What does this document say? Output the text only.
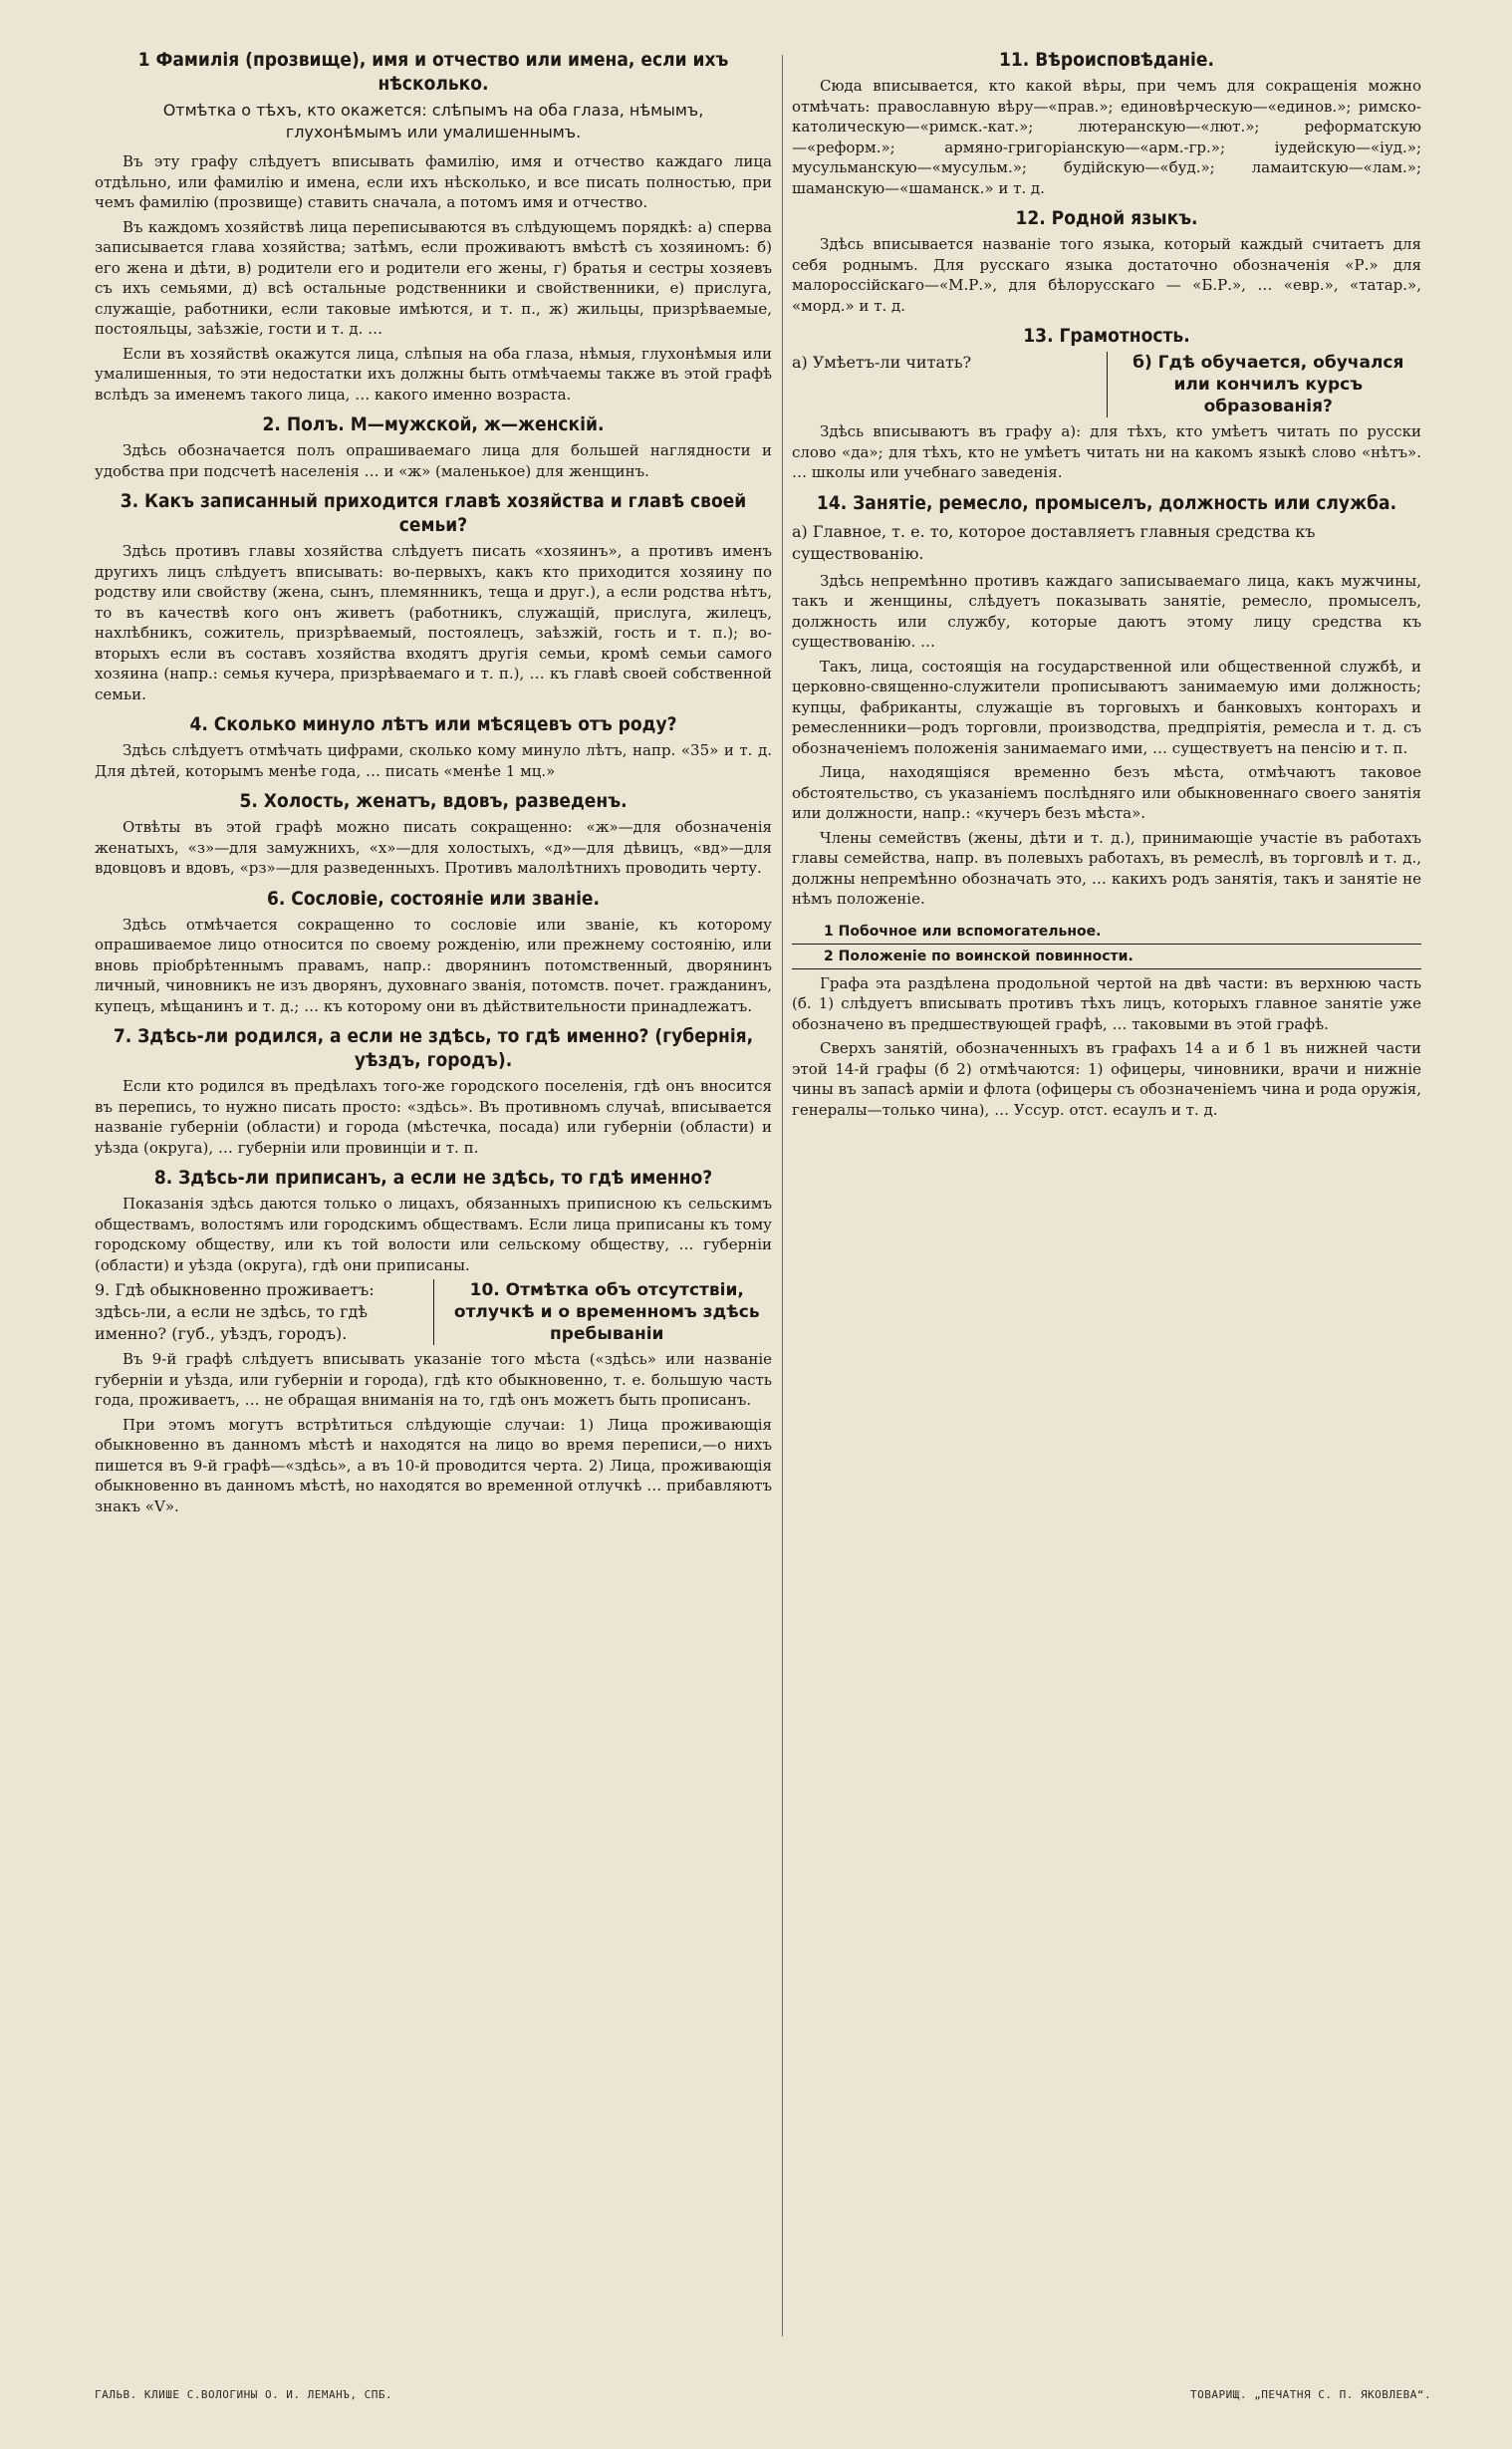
1 Фамилія (прозвище), имя и отчество или имена, если ихъ нѣсколько.
Отмѣтка о тѣхъ, кто окажется: слѣпымъ на оба глаза, нѣмымъ, глухонѣмымъ или умалишеннымъ.

Въ эту графу слѣдуетъ вписывать фамилію, имя и отчество каждаго лица отдѣльно, или фамилію и имена, если ихъ нѣсколько, и все писать полностью, при чемъ фамилію (прозвище) ставить сначала, а потомъ имя и отчество.

Въ каждомъ хозяйствѣ лица переписываются въ слѣдующемъ порядкѣ: а) сперва записывается глава хозяйства; затѣмъ, если проживаютъ вмѣстѣ съ хозяиномъ: б) его жена и дѣти, в) родители его и родители его жены, г) братья и сестры хозяевъ съ ихъ семьями, д) всѣ остальные родственники и свойственники, е) прислуга, служащіе, работники, если таковые имѣются, и т. п., ж) жильцы, призрѣваемые, постояльцы, заѣзжіе, гости и т. д. …

Если въ хозяйствѣ окажутся лица, слѣпыя на оба глаза, нѣмыя, глухонѣмыя или умалишенныя, то эти недостатки ихъ должны быть отмѣчаемы также въ этой графѣ вслѣдъ за именемъ такого лица, … какого именно возраста.

2. Полъ. М—мужской, ж—женскій.

Здѣсь обозначается полъ опрашиваемаго лица для большей наглядности и удобства при подсчетѣ населенія … и «ж» (маленькое) для женщинъ.

3. Какъ записанный приходится главѣ хозяйства и главѣ своей семьи?

Здѣсь противъ главы хозяйства слѣдуетъ писать «хозяинъ», а противъ именъ другихъ лицъ слѣдуетъ вписывать: во-первыхъ, какъ кто приходится хозяину по родству или свойству (жена, сынъ, племянникъ, теща и друг.), а если родства нѣтъ, то въ качествѣ кого онъ живетъ (работникъ, служащій, прислуга, жилецъ, нахлѣбникъ, сожитель, призрѣваемый, постоялецъ, заѣзжій, гость и т. п.); во-вторыхъ если въ составъ хозяйства входятъ другія семьи, кромѣ семьи самого хозяина (напр.: семья кучера, призрѣваемаго и т. п.), … къ главѣ своей собственной семьи.

4. Сколько минуло лѣтъ или мѣсяцевъ отъ роду?

Здѣсь слѣдуетъ отмѣчать цифрами, сколько кому минуло лѣтъ, напр. «35» и т. д. Для дѣтей, которымъ менѣе года, … писать «менѣе 1 мц.»

5. Холость, женатъ, вдовъ, разведенъ.

Отвѣты въ этой графѣ можно писать сокращенно: «ж»—для обозначенія женатыхъ, «з»—для замужнихъ, «х»—для холостыхъ, «д»—для дѣвицъ, «вд»—для вдовцовъ и вдовъ, «рз»—для разведенныхъ. Противъ малолѣтнихъ проводить черту.

6. Сословіе, состояніе или званіе.

Здѣсь отмѣчается сокращенно то сословіе или званіе, къ которому опрашиваемое лицо относится по своему рожденію, или прежнему состоянію, или вновь пріобрѣтеннымъ правамъ, напр.: дворянинъ потомственный, дворянинъ личный, чиновникъ не изъ дворянъ, духовнаго званія, потомств. почет. гражданинъ, купецъ, мѣщанинъ и т. д.; … къ которому они въ дѣйствительности принадлежатъ.

7. Здѣсь-ли родился, а если не здѣсь, то гдѣ именно? (губернія, уѣздъ, городъ).

Если кто родился въ предѣлахъ того-же городского поселенія, гдѣ онъ вносится въ перепись, то нужно писать просто: «здѣсь». Въ противномъ случаѣ, вписывается названіе губерніи (области) и города (мѣстечка, посада) или губерніи (области) и уѣзда (округа), … губерніи или провинціи и т. п.

8. Здѣсь-ли приписанъ, а если не здѣсь, то гдѣ именно?

Показанія здѣсь даются только о лицахъ, обязанныхъ приписною къ сельскимъ обществамъ, волостямъ или городскимъ обществамъ. Если лица приписаны къ тому городскому обществу, или къ той волости или сельскому обществу, … губерніи (области) и уѣзда (округа), гдѣ они приписаны.

9. Гдѣ обыкновенно проживаетъ: здѣсь-ли, а если не здѣсь, то гдѣ именно? (губ., уѣздъ, городъ).
10. Отмѣтка объ отсутствіи, отлучкѣ и о временномъ здѣсь пребываніи

Въ 9-й графѣ слѣдуетъ вписывать указаніе того мѣста («здѣсь» или названіе губерніи и уѣзда, или губерніи и города), гдѣ кто обыкновенно, т. е. большую часть года, проживаетъ, … не обращая вниманія на то, гдѣ онъ можетъ быть прописанъ.

При этомъ могутъ встрѣтиться слѣдующіе случаи: 1) Лица проживающія обыкновенно въ данномъ мѣстѣ и находятся на лицо во время переписи,—о нихъ пишется въ 9-й графѣ—«здѣсь», а въ 10-й проводится черта. 2) Лица, проживающія обыкновенно въ данномъ мѣстѣ, но находятся во временной отлучкѣ … прибавляютъ знакъ «V».

11. Вѣроисповѣданіе.

Сюда вписывается, кто какой вѣры, при чемъ для сокращенія можно отмѣчать: православную вѣру—«прав.»; единовѣрческую—«единов.»; римско-католическую—«римск.-кат.»; лютеранскую—«лют.»; реформатскую—«реформ.»; армяно-григоріанскую—«арм.-гр.»; іудейскую—«іуд.»; мусульманскую—«мусульм.»; будійскую—«буд.»; ламаитскую—«лам.»; шаманскую—«шаманск.» и т. д.

12. Родной языкъ.

Здѣсь вписывается названіе того языка, который каждый считаетъ для себя роднымъ. Для русскаго языка достаточно обозначенія «Р.» для малороссійскаго—«М.Р.», для бѣлорусскаго — «Б.Р.», … «евр.», «татар.», «морд.» и т. д.

13. Грамотность.
а) Умѣетъ-ли читать?	б) Гдѣ обучается, обучался или кончилъ курсъ образованія?

Здѣсь вписываютъ въ графу а): для тѣхъ, кто умѣетъ читать по русски слово «да»; для тѣхъ, кто не умѣетъ читать ни на какомъ языкѣ слово «нѣтъ». … школы или учебнаго заведенія.

14. Занятіе, ремесло, промыселъ, должность или служба.

а) Главное, т. е. то, которое доставляетъ главныя средства къ существованію.

Здѣсь непремѣнно противъ каждаго записываемаго лица, какъ мужчины, такъ и женщины, слѣдуетъ показывать занятіе, ремесло, промыселъ, должность или службу, которые даютъ этому лицу средства къ существованію. …

Такъ, лица, состоящія на государственной или общественной службѣ, и церковно-священно-служители прописываютъ занимаемую ими должность; купцы, фабриканты, служащіе въ торговыхъ и банковыхъ конторахъ и ремесленники—родъ торговли, производства, предпріятія, ремесла и т. д. съ обозначеніемъ положенія занимаемаго ими, … существуетъ на пенсію и т. п.

Лица, находящіяся временно безъ мѣста, отмѣчаютъ таковое обстоятельство, съ указаніемъ послѣдняго или обыкновеннаго своего занятія или должности, напр.: «кучеръ безъ мѣста».

Члены семействъ (жены, дѣти и т. д.), принимающіе участіе въ работахъ главы семейства, напр. въ полевыхъ работахъ, въ ремеслѣ, въ торговлѣ и т. д., должны непремѣнно обозначать это, … какихъ родъ занятія, такъ и занятіе не нѣмъ положеніе.

1 Побочное или вспомогательное.
2 Положеніе по воинской повинности.

Графа эта раздѣлена продольной чертой на двѣ части: въ верхнюю часть (б. 1) слѣдуетъ вписывать противъ тѣхъ лицъ, которыхъ главное занятіе уже обозначено въ предшествующей графѣ, … таковыми въ этой графѣ.

Сверхъ занятій, обозначенныхъ въ графахъ 14 а и б 1 въ нижней части этой 14-й графы (б 2) отмѣчаются: 1) офицеры, чиновники, врачи и нижніе чины въ запасѣ арміи и флота (офицеры съ обозначеніемъ чина и рода оружія, генералы—только чина), … Уссур. отст. есаулъ и т. д.

ГАЛЬВ. КЛИШЕ С.ВОЛОГИНЫ О. И. ЛЕМАНЪ, СПБ.	ТОВАРИЩ. „ПЕЧАТНЯ С. П. ЯКОВЛЕВА“.
